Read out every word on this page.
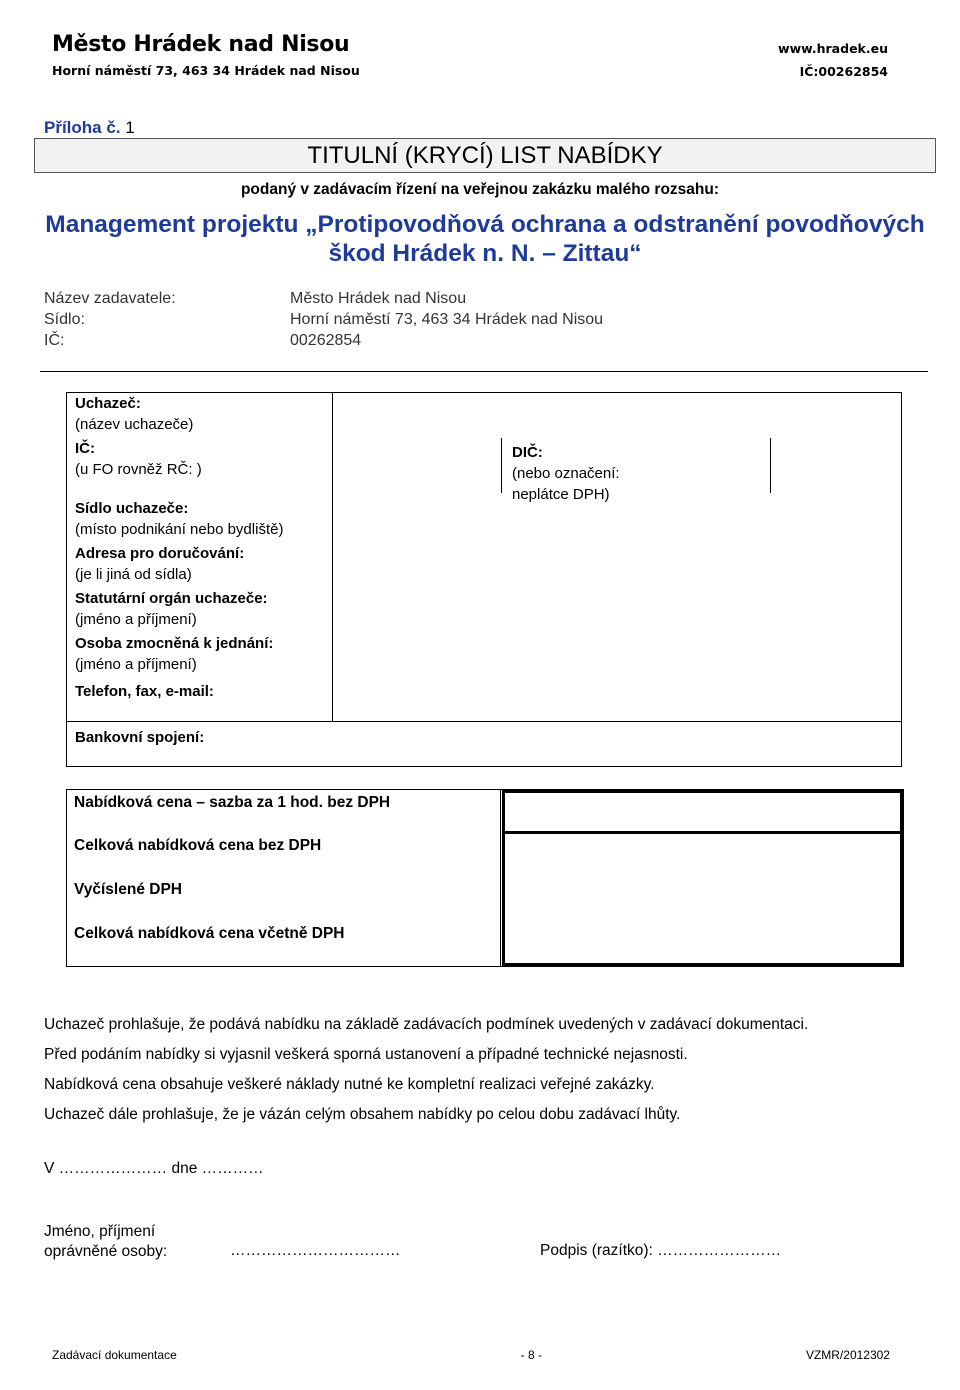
Město Hrádek nad Nisou
Horní náměstí 73, 463 34 Hrádek nad Nisou
www.hradek.eu
IČ:00262854
Příloha č. 1
TITULNÍ (KRYCÍ) LIST NABÍDKY
podaný v zadávacím řízení na veřejnou zakázku malého rozsahu:
Management projektu „Protipovodňová ochrana a odstranění povodňových
škod Hrádek n. N. – Zittau“
Název zadavatele:	Město Hrádek nad Nisou
Sídlo:	Horní náměstí 73, 463 34 Hrádek nad Nisou
IČ:	00262854
DIČ:
(nebo označení:
neplátce DPH)
Uchazeč:
(název uchazeče)
IČ:
(u FO rovněž RČ: )
Sídlo uchazeče:
(místo podnikání nebo bydliště)
Adresa pro doručování:
(je li jiná od sídla)
Statutární orgán uchazeče:
(jméno a příjmení)
Osoba zmocněná k jednání:
(jméno a příjmení)
Telefon, fax, e-mail:
Bankovní spojení:
Nabídková cena – sazba za 1 hod. bez DPH
Celková nabídková cena bez DPH
Vyčíslené DPH
Celková nabídková cena včetně DPH
Uchazeč prohlašuje, že podává nabídku na základě zadávacích podmínek uvedených v zadávací dokumentaci.
Před podáním nabídky si vyjasnil veškerá sporná ustanovení a případné technické nejasnosti.
Nabídková cena obsahuje veškeré náklady nutné ke kompletní realizaci veřejné zakázky.
Uchazeč dále prohlašuje, že je vázán celým obsahem nabídky po celou dobu zadávací lhůty.
V ………………… dne …………
Jméno, příjmení
oprávněné osoby:	……………………………	Podpis (razítko): ……………………
Zadávací dokumentace	- 8 -	VZMR/2012302
